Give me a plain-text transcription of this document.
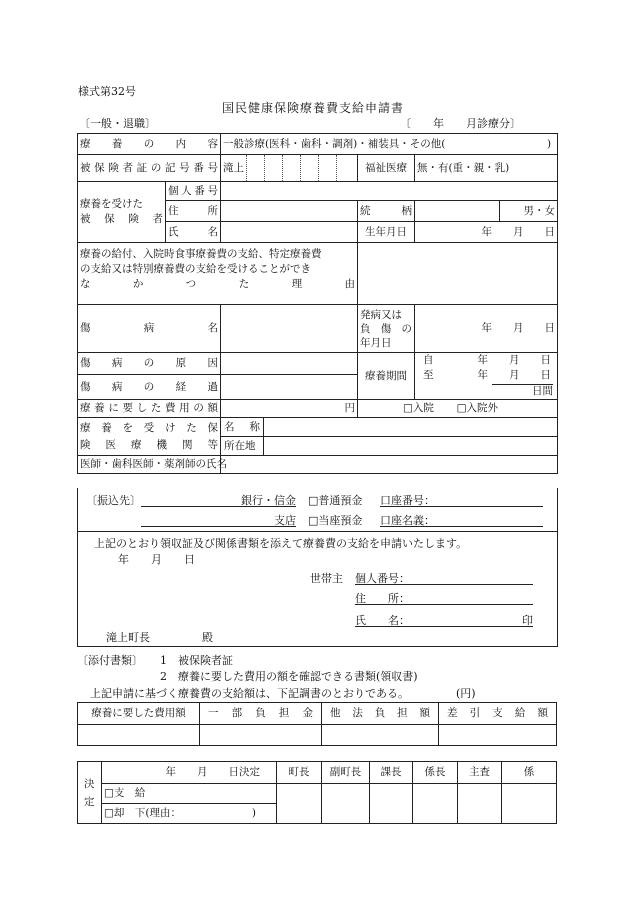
様式第32号
国民健康保険療養費支給申請書
〔一般・退職〕	〔　　年　　月診療分〕
療養の内容		一般診療(医科・歯科・調剤)・補装具・その他( )			

被保険者証の記号番号		滝上	福祉医療	無・有(重・親・乳)	

療養を受けた
被保険者	個人番号				
	住所		続柄		男・女
	氏名		生年月日	年　　月　　日	

療養の給付、入院時食事療養費の支給、特定療養費
の支給又は特別療養費の支給を受けることができ
なかつた理由					

傷病名			発病又は
負傷の
年月日	年　　月　　日	
傷病の原因			療養期間	自 年　　月　　日
至 年　　月　　日
日間	

傷病の経過					
療養に要した費用の額		円	□入院 □入院外		

療養を受けた保
険医療機関等		名称			

		所在地			

医師・歯科医師・薬剤師の氏名					
〔振込先〕	銀行・信金 □普通預金 口座番号：
支店 □当座預金 口座名義：
上記のとおり領収証及び関係書類を添えて療養費の支給を申請いたします。
年　　月　　日
世帯主 個人番号：
住　　所：
氏　　名：	印
滝上町長	殿
〔添付書類〕 1　被保険者証
2　療養に要した費用の額を確認できる書類(領収書)
上記申請に基づく療養費の支給額は、下記調書のとおりである。	(円)
療養に要した費用額	一部負担金	他法負担額	差引支給額

決定	年　　月　　日決定	町長	副町長	課長	係長	主査	係
	□支　給						
	□却　下(理由： )						
